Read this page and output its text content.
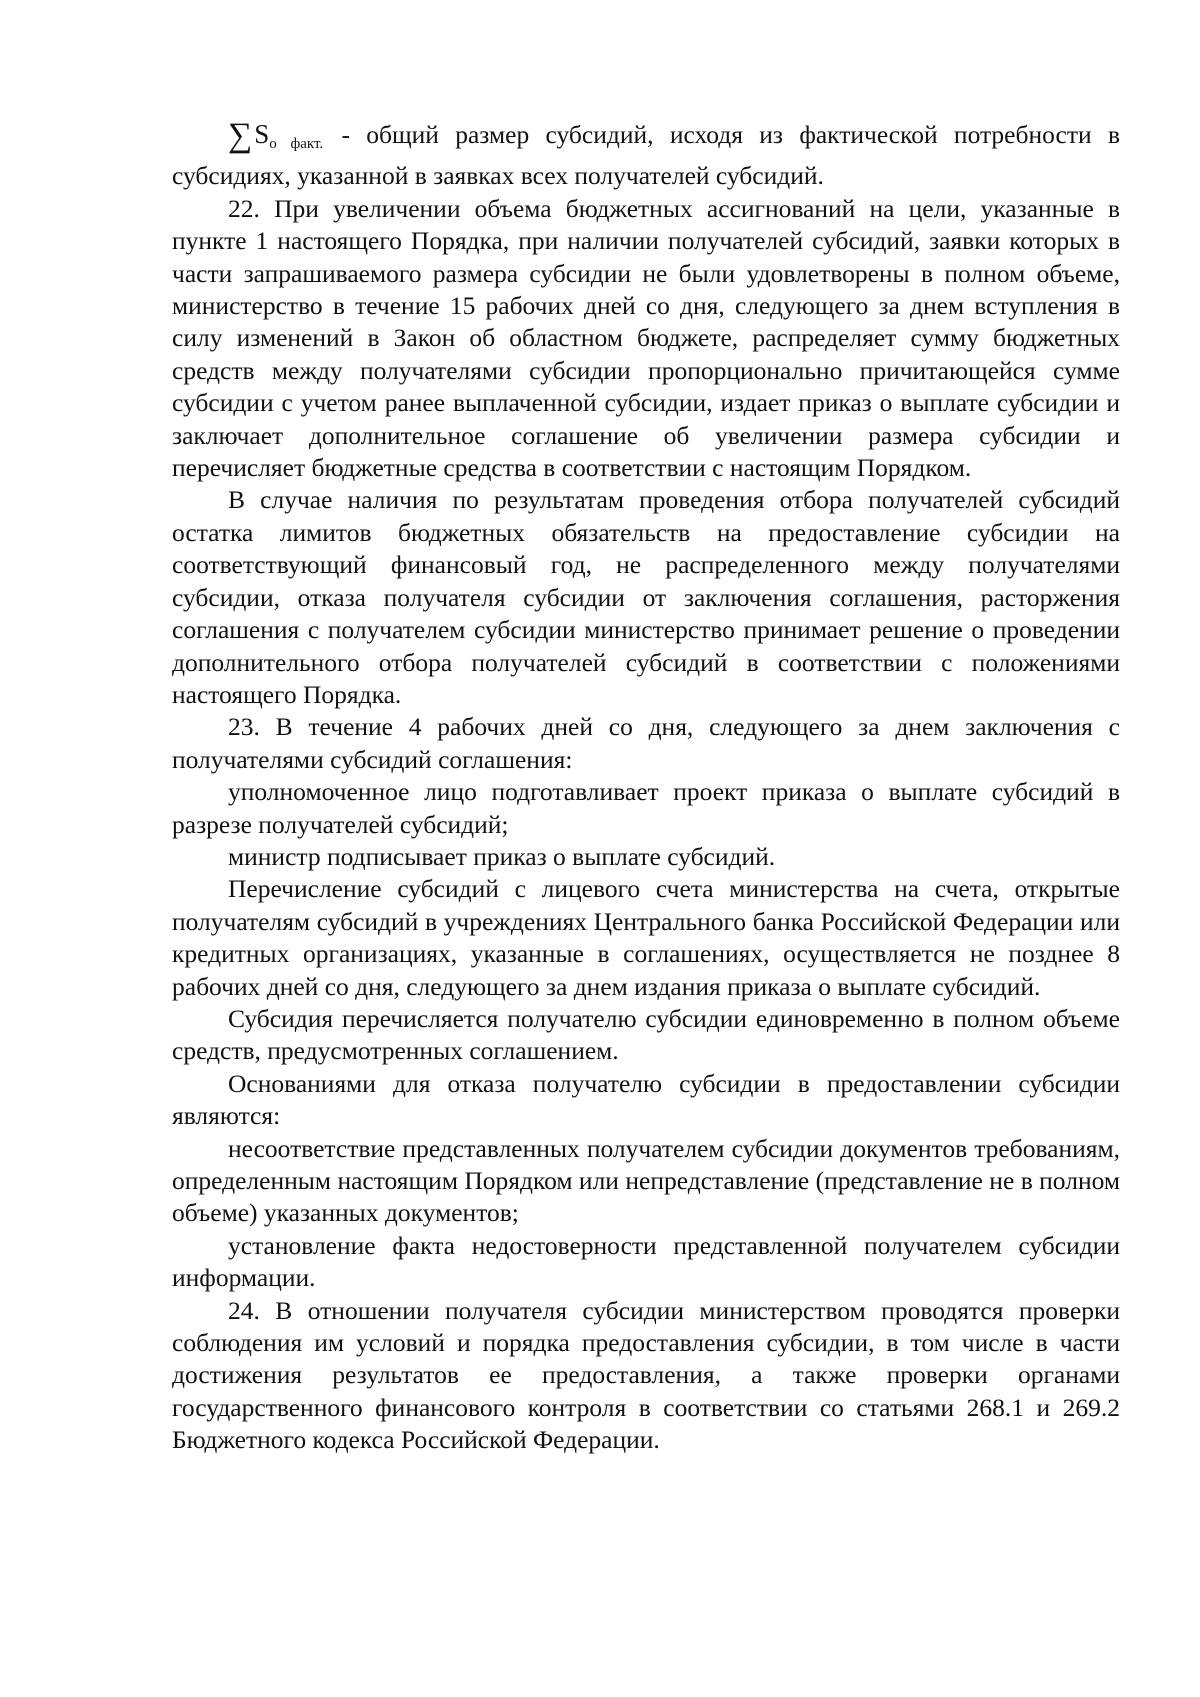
$\sum S_{о факт.}$ - общий размер субсидий, исходя из фактической потребности в субсидиях, указанной в заявках всех получателей субсидий.

22. При увеличении объема бюджетных ассигнований на цели, указанные в пункте 1 настоящего Порядка, при наличии получателей субсидий, заявки которых в части запрашиваемого размера субсидии не были удовлетворены в полном объеме, министерство в течение 15 рабочих дней со дня, следующего за днем вступления в силу изменений в Закон об областном бюджете, распределяет сумму бюджетных средств между получателями субсидии пропорционально причитающейся сумме субсидии с учетом ранее выплаченной субсидии, издает приказ о выплате субсидии и заключает дополнительное соглашение об увеличении размера субсидии и перечисляет бюджетные средства в соответствии с настоящим Порядком.

В случае наличия по результатам проведения отбора получателей субсидий остатка лимитов бюджетных обязательств на предоставление субсидии на соответствующий финансовый год, не распределенного между получателями субсидии, отказа получателя субсидии от заключения соглашения, расторжения соглашения с получателем субсидии министерство принимает решение о проведении дополнительного отбора получателей субсидий в соответствии с положениями настоящего Порядка.

23. В течение 4 рабочих дней со дня, следующего за днем заключения с получателями субсидий соглашения:

уполномоченное лицо подготавливает проект приказа о выплате субсидий в разрезе получателей субсидий;

министр подписывает приказ о выплате субсидий.

Перечисление субсидий с лицевого счета министерства на счета, открытые получателям субсидий в учреждениях Центрального банка Российской Федерации или кредитных организациях, указанные в соглашениях, осуществляется не позднее 8 рабочих дней со дня, следующего за днем издания приказа о выплате субсидий.

Субсидия перечисляется получателю субсидии единовременно в полном объеме средств, предусмотренных соглашением.

Основаниями для отказа получателю субсидии в предоставлении субсидии являются:

несоответствие представленных получателем субсидии документов требованиям, определенным настоящим Порядком или непредставление (представление не в полном объеме) указанных документов;

установление факта недостоверности представленной получателем субсидии информации.

24. В отношении получателя субсидии министерством проводятся проверки соблюдения им условий и порядка предоставления субсидии, в том числе в части достижения результатов ее предоставления, а также проверки органами государственного финансового контроля в соответствии со статьями 268.1 и 269.2 Бюджетного кодекса Российской Федерации.
